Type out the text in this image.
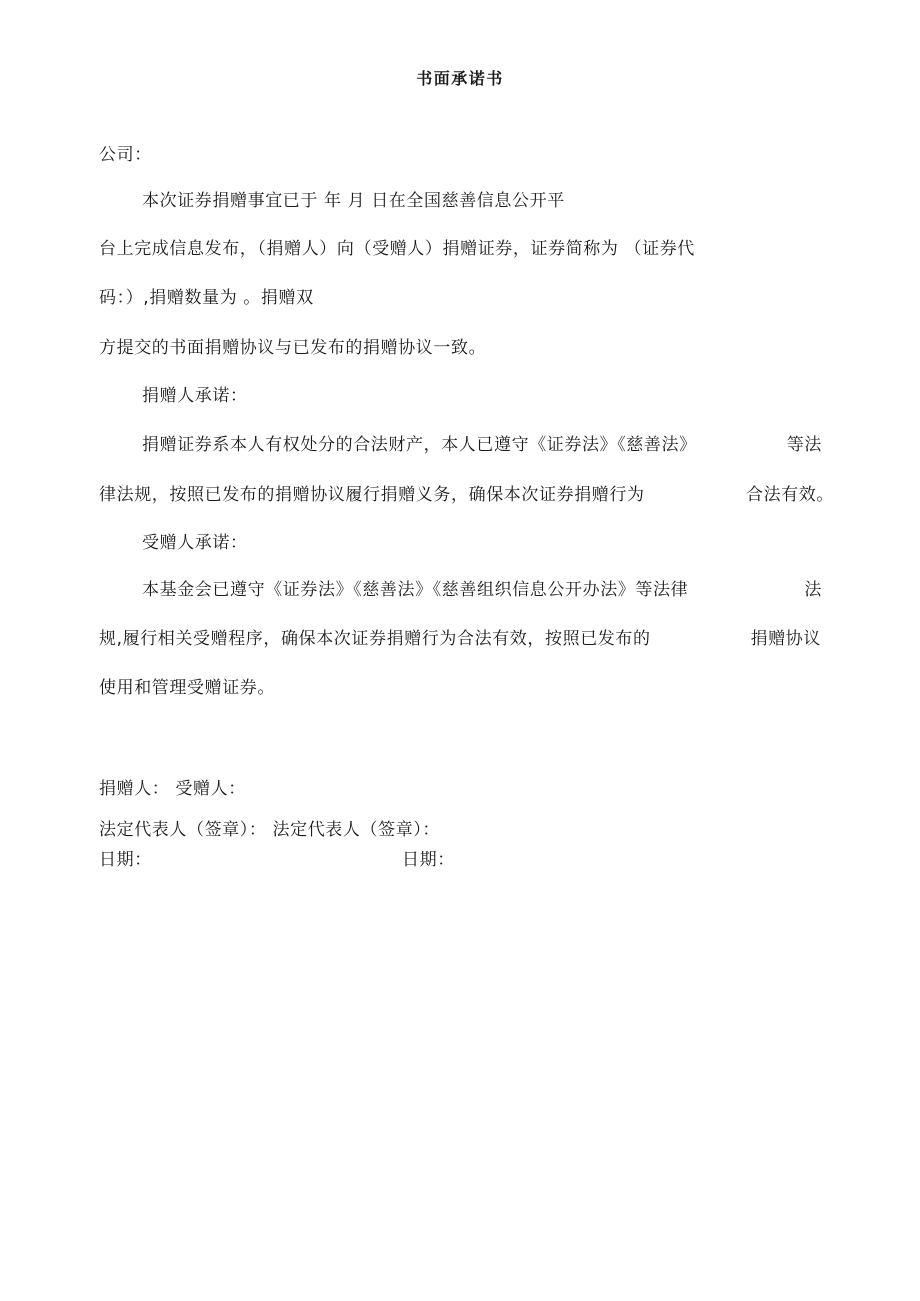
书面承诺书
公司：
本次证券捐赠事宜已于 年 月 日在全国慈善信息公开平
台上完成信息发布，（捐赠人）向（受赠人）捐赠证券，证券简称为 （证券代
码：）,捐赠数量为 。捐赠双
方提交的书面捐赠协议与已发布的捐赠协议一致。
捐赠人承诺：
捐赠证券系本人有权处分的合法财产，本人已遵守《证券法》《慈善法》	等法
律法规，按照已发布的捐赠协议履行捐赠义务，确保本次证券捐赠行为	合法有效。
受赠人承诺：
本基金会已遵守《证券法》《慈善法》《慈善组织信息公开办法》等法律	法
规,履行相关受赠程序，确保本次证券捐赠行为合法有效，按照已发布的	捐赠协议
使用和管理受赠证券。
捐赠人： 受赠人：
法定代表人（签章）： 法定代表人（签章）：
日期：	日期：
